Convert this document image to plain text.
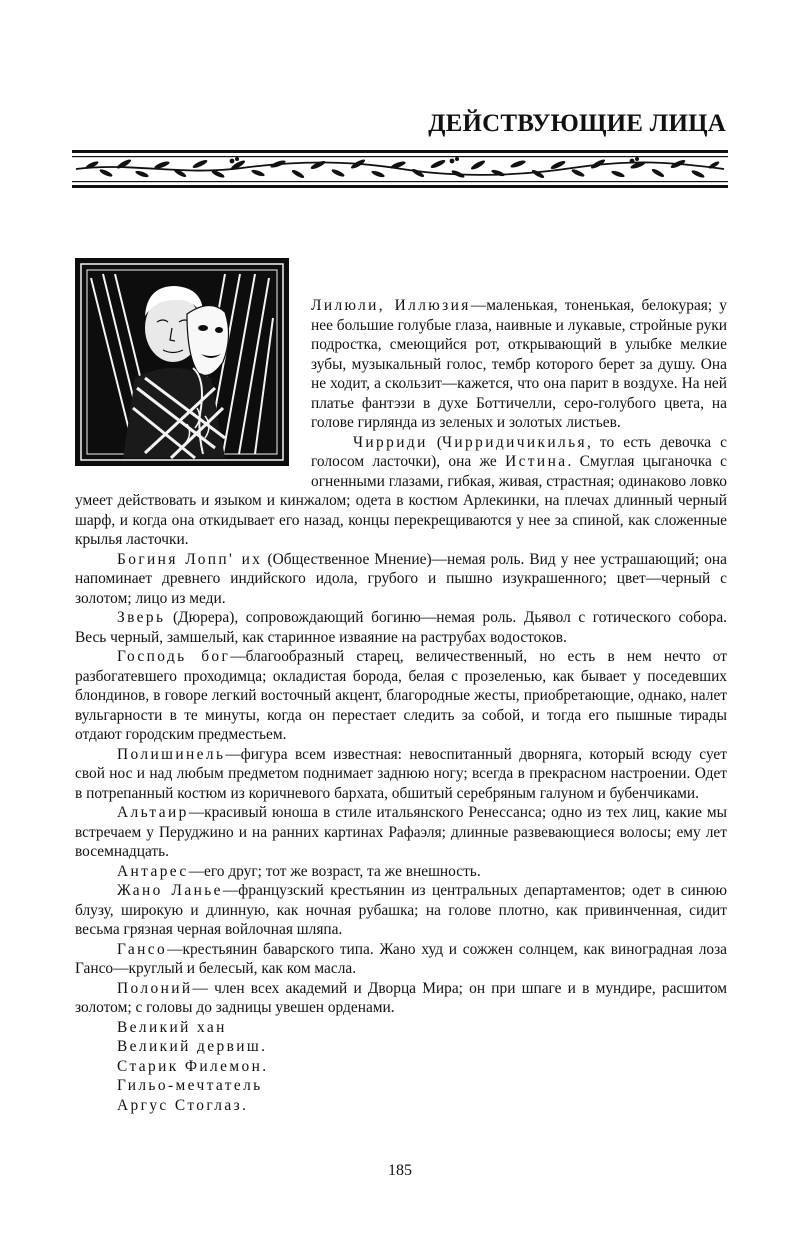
ДЕЙСТВУЮЩИЕ ЛИЦА

Лилюли, Иллюзия—маленькая, тоненькая, белокурая; у нее большие голубые глаза, наивные и лукавые, стройные руки подростка, смеющийся рот, открывающий в улыбке мелкие зубы, музыкальный голос, тембр которого берет за душу. Она не ходит, а скользит—кажется, что она парит в воздухе. На ней платье фантэзи в духе Боттичелли, серо-голубого цвета, на голове гирлянда из зеленых и золотых листьев.

Чирриди (Чирридичикилья, то есть девочка с голосом ласточки), она же Истина. Смуглая цыганочка с огненными глазами, гибкая, живая, страстная; одинаково ловко умеет действовать и языком и кинжалом; одета в костюм Арлекинки, на плечах длинный черный шарф, и когда она откидывает его назад, концы перекрещиваются у нее за спиной, как сложенные крылья ласточки.

Богиня Лопп' их (Общественное Мнение)—немая роль. Вид у нее устрашающий; она напоминает древнего индийского идола, грубого и пышно изукрашенного; цвет—черный с золотом; лицо из меди.

Зверь (Дюрера), сопровождающий богиню—немая роль. Дьявол с готического собора. Весь черный, замшелый, как старинное изваяние на раструбах водостоков.

Господь бог—благообразный старец, величественный, но есть в нем нечто от разбогатевшего проходимца; окладистая борода, белая с прозеленью, как бывает у поседевших блондинов, в говоре легкий восточный акцент, благородные жесты, приобретающие, однако, налет вульгарности в те минуты, когда он перестает следить за собой, и тогда его пышные тирады отдают городским предместьем.

Полишинель—фигура всем известная: невоспитанный дворняга, который всюду сует свой нос и над любым предметом поднимает заднюю ногу; всегда в прекрасном настроении. Одет в потрепанный костюм из коричневого бархата, обшитый серебряным галуном и бубенчиками.

Альтаир—красивый юноша в стиле итальянского Ренессанса; одно из тех лиц, какие мы встречаем у Перуджино и на ранних картинах Рафаэля; длинные развевающиеся волосы; ему лет восемнадцать.

Антарес—его друг; тот же возраст, та же внешность.

Жано Ланье—французский крестьянин из центральных департаментов; одет в синюю блузу, широкую и длинную, как ночная рубашка; на голове плотно, как привинченная, сидит весьма грязная черная войлочная шляпа.

Гансо—крестьянин баварского типа. Жано худ и сожжен солнцем, как виноградная лоза Гансо—круглый и белесый, как ком масла.

Полоний— член всех академий и Дворца Мира; он при шпаге и в мундире, расшитом золотом; с головы до задницы увешен орденами.

Великий хан
Великий дервиш.
Старик Филемон.
Гильо-мечтатель
Аргус Стоглаз.
185
